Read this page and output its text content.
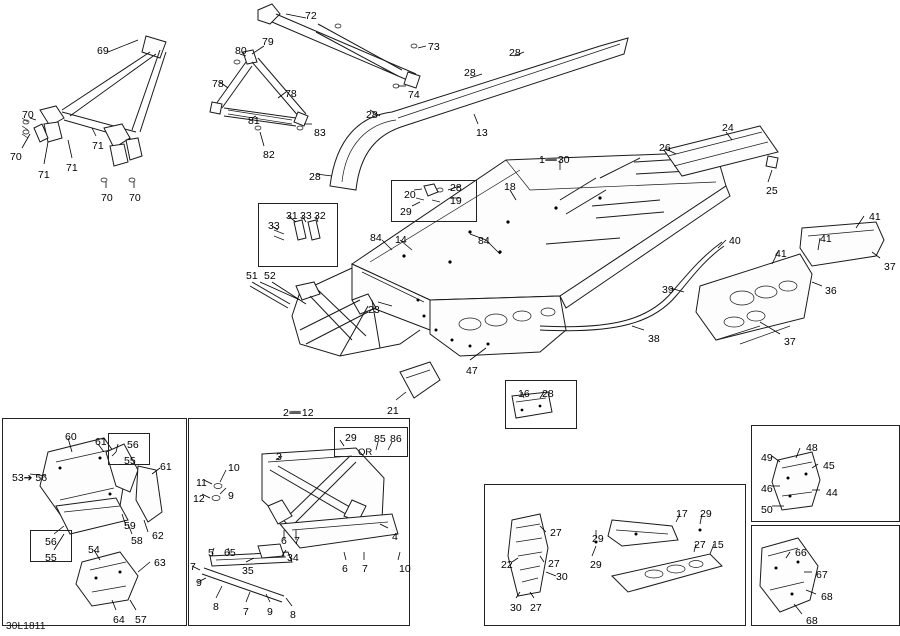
69
70
70
71
71
71
70 70
72
73
74
80
79
78
78
81
82
83
28
28
28
28
13
20
29
28
19
18
1➖30
26
24
25
41
41
41
37
36
37
40
39
38
84 14	84
31 33 32
33
51 52
23
47
21
16 28
2➖12
60 61 56
55 61
53➔ 56
59
62
58
56
55
54
63
64 57
29
OR
85 86
3
11
10
12 9
4
6 7
6 7	10
5 65	34
35
7
9
8 7 9 8
27
27
22
30
30 27
29
29
17 29
27 15
48
49
45
46	44
50
66
67
68
68
30L1811
